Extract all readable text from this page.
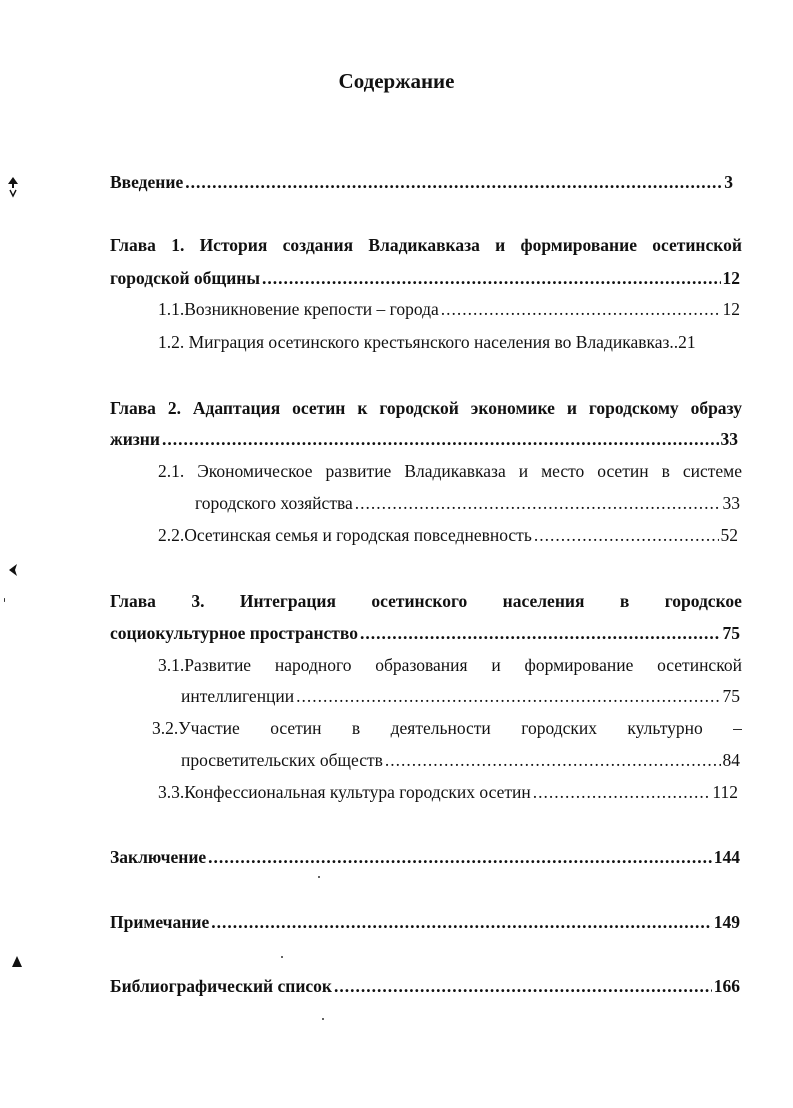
Содержание
Введение .....	3
Глава 1. История создания Владикавказа и формирование осетинской
городской общины .....	12
1.1.Возникновение крепости – города .....	12
1.2. Миграция осетинского крестьянского населения во Владикавказ..21
Глава 2. Адаптация осетин к городской экономике и городскому образу
жизни .....	33
2.1. Экономическое развитие Владикавказа и место осетин в системе
городского хозяйства .....	33
2.2.Осетинская семья и городская повседневность .....	52
Глава 3. Интеграция осетинского населения в городское
социокультурное пространство .....	75
3.1.Развитие народного образования и формирование осетинской
интеллигенции .....	75
3.2.Участие осетин в деятельности городских культурно –
просветительских обществ .....	84
3.3.Конфессиональная культура городских осетин .....	112
Заключение .....	144
Примечание .....	149
Библиографический список .....	166
